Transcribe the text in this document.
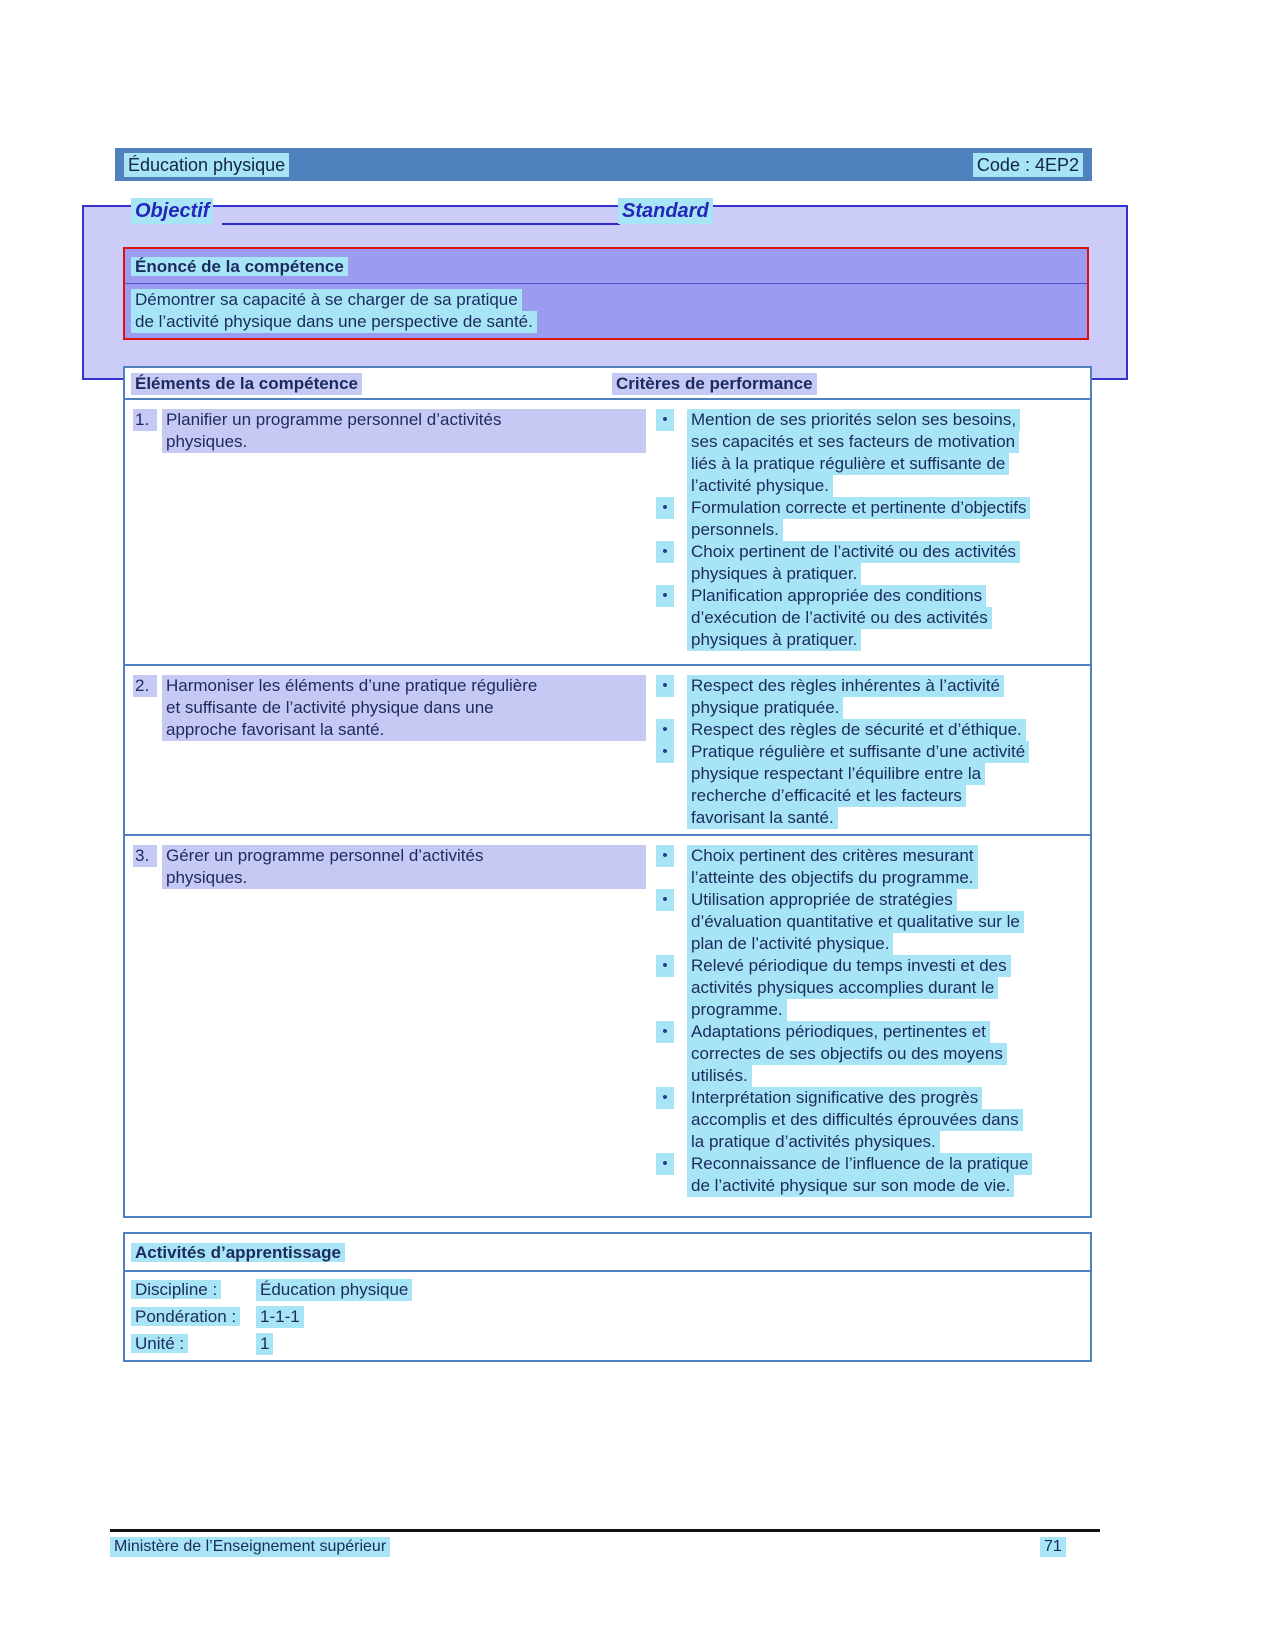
Éducation physique	Code : 4EP2
Objectif	Standard
Énoncé de la compétence
Démontrer sa capacité à se charger de sa pratique
de l’activité physique dans une perspective de santé.
Éléments de la compétence	Critères de performance
1. Planifier un programme personnel d’activités
physiques.
•	Mention de ses priorités selon ses besoins,
ses capacités et ses facteurs de motivation
liés à la pratique régulière et suffisante de
l’activité physique.
•	Formulation correcte et pertinente d’objectifs
personnels.
•	Choix pertinent de l’activité ou des activités
physiques à pratiquer.
•	Planification appropriée des conditions
d’exécution de l’activité ou des activités
physiques à pratiquer.
2. Harmoniser les éléments d’une pratique régulière
et suffisante de l’activité physique dans une
approche favorisant la santé.
•	Respect des règles inhérentes à l’activité
physique pratiquée.
•	Respect des règles de sécurité et d’éthique.
•	Pratique régulière et suffisante d’une activité
physique respectant l’équilibre entre la
recherche d’efficacité et les facteurs
favorisant la santé.
3. Gérer un programme personnel d’activités
physiques.
•	Choix pertinent des critères mesurant
l’atteinte des objectifs du programme.
•	Utilisation appropriée de stratégies
d’évaluation quantitative et qualitative sur le
plan de l’activité physique.
•	Relevé périodique du temps investi et des
activités physiques accomplies durant le
programme.
•	Adaptations périodiques, pertinentes et
correctes de ses objectifs ou des moyens
utilisés.
•	Interprétation significative des progrès
accomplis et des difficultés éprouvées dans
la pratique d’activités physiques.
•	Reconnaissance de l’influence de la pratique
de l’activité physique sur son mode de vie.
Activités d’apprentissage
Discipline :	Éducation physique
Pondération : 1-1-1
Unité :	1
Ministère de l’Enseignement supérieur	71
